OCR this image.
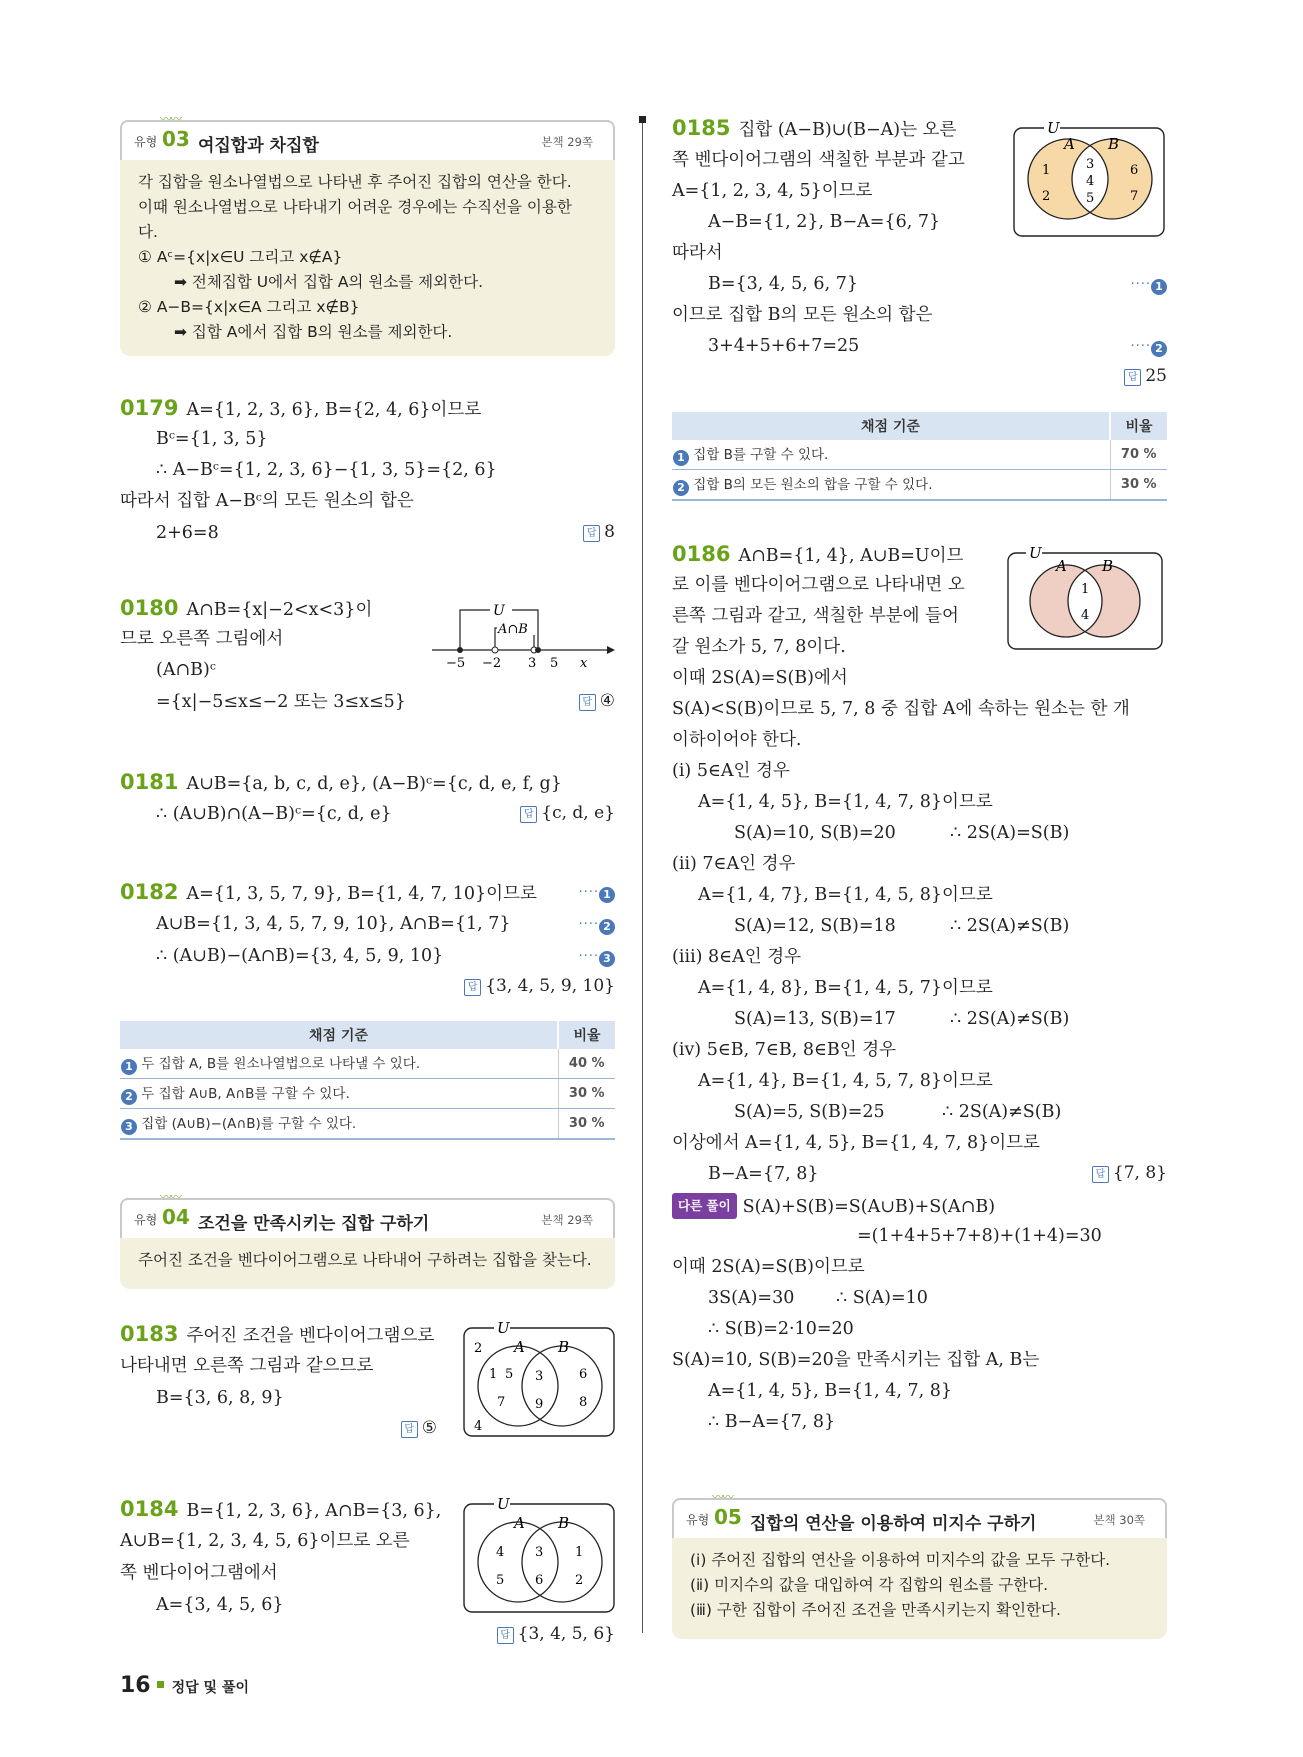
〰〰
유형 03 여집합과 차집합	본책 29쪽
각 집합을 원소나열법으로 나타낸 후 주어진 집합의 연산을 한다.
이때 원소나열법으로 나타내기 어려운 경우에는 수직선을 이용한
다.
① Aᶜ={x|x∈U 그리고 x∉A}
➡ 전체집합 U에서 집합 A의 원소를 제외한다.
② A−B={x|x∈A 그리고 x∉B}
➡ 집합 A에서 집합 B의 원소를 제외한다.
0179 A={1, 2, 3, 6}, B={2, 4, 6}이므로
Bᶜ={1, 3, 5}
∴ A−Bᶜ={1, 2, 3, 6}−{1, 3, 5}={2, 6}
따라서 집합 A−Bᶜ의 모든 원소의 합은
2+6=8	답 8
0180 A∩B={x|−2<x<3}이
므로 오른쪽 그림에서
(A∩B)ᶜ
={x|−5≤x≤−2 또는 3≤x≤5}	답 ④
U
A∩B
−5 −2 3 5 x
0181 A∪B={a, b, c, d, e}, (A−B)ᶜ={c, d, e, f, g}
∴ (A∪B)∩(A−B)ᶜ={c, d, e}	답 {c, d, e}
0182 A={1, 3, 5, 7, 9}, B={1, 4, 7, 10}이므로	···· 1
A∪B={1, 3, 4, 5, 7, 9, 10}, A∩B={1, 7}	···· 2
∴ (A∪B)−(A∩B)={3, 4, 5, 9, 10}	···· 3
답 {3, 4, 5, 9, 10}
채점 기준	비율
1 두 집합 A, B를 원소나열법으로 나타낼 수 있다.	40 %
2 두 집합 A∪B, A∩B를 구할 수 있다.	30 %
3 집합 (A∪B)−(A∩B)를 구할 수 있다.	30 %
〰〰
유형 04 조건을 만족시키는 집합 구하기	본책 29쪽
주어진 조건을 벤다이어그램으로 나타내어 구하려는 집합을 찾는다.
0183 주어진 조건을 벤다이어그램으로
나타내면 오른쪽 그림과 같으므로
B={3, 6, 8, 9}
답 ⑤
U
A B
2
4
1 5
7
3
9
6
8
0184 B={1, 2, 3, 6}, A∩B={3, 6},
A∪B={1, 2, 3, 4, 5, 6}이므로 오른
쪽 벤다이어그램에서
A={3, 4, 5, 6}
답 {3, 4, 5, 6}
U
A B
4
5
3
6
1
2
0185 집합 (A−B)∪(B−A)는 오른
쪽 벤다이어그램의 색칠한 부분과 같고
A={1, 2, 3, 4, 5}이므로
A−B={1, 2}, B−A={6, 7}
따라서
B={3, 4, 5, 6, 7}	···· 1
이므로 집합 B의 모든 원소의 합은
3+4+5+6+7=25	···· 2
답 25
U
A B
1
2
3
4
5
6
7
채점 기준	비율
1 집합 B를 구할 수 있다.	70 %
2 집합 B의 모든 원소의 합을 구할 수 있다.	30 %
0186 A∩B={1, 4}, A∪B=U이므
로 이를 벤다이어그램으로 나타내면 오
른쪽 그림과 같고, 색칠한 부분에 들어
갈 원소가 5, 7, 8이다.
이때 2S(A)=S(B)에서
S(A)<S(B)이므로 5, 7, 8 중 집합 A에 속하는 원소는 한 개
이하이어야 한다.
(ⅰ) 5∈A인 경우
A={1, 4, 5}, B={1, 4, 7, 8}이므로
S(A)=10, S(B)=20	∴ 2S(A)=S(B)
(ⅱ) 7∈A인 경우
A={1, 4, 7}, B={1, 4, 5, 8}이므로
S(A)=12, S(B)=18	∴ 2S(A)≠S(B)
(ⅲ) 8∈A인 경우
A={1, 4, 8}, B={1, 4, 5, 7}이므로
S(A)=13, S(B)=17	∴ 2S(A)≠S(B)
(ⅳ) 5∈B, 7∈B, 8∈B인 경우
A={1, 4}, B={1, 4, 5, 7, 8}이므로
S(A)=5, S(B)=25	∴ 2S(A)≠S(B)
이상에서 A={1, 4, 5}, B={1, 4, 7, 8}이므로
B−A={7, 8}	답 {7, 8}
다른 풀이 S(A)+S(B)=S(A∪B)+S(A∩B)
=(1+4+5+7+8)+(1+4)=30
이때 2S(A)=S(B)이므로
3S(A)=30 ∴ S(A)=10
∴ S(B)=2·10=20
S(A)=10, S(B)=20을 만족시키는 집합 A, B는
A={1, 4, 5}, B={1, 4, 7, 8}
∴ B−A={7, 8}
U
A B
1
4
〰〰
유형 05 집합의 연산을 이용하여 미지수 구하기	본책 30쪽
(ⅰ) 주어진 집합의 연산을 이용하여 미지수의 값을 모두 구한다.
(ⅱ) 미지수의 값을 대입하여 각 집합의 원소를 구한다.
(ⅲ) 구한 집합이 주어진 조건을 만족시키는지 확인한다.
16 정답 및 풀이
